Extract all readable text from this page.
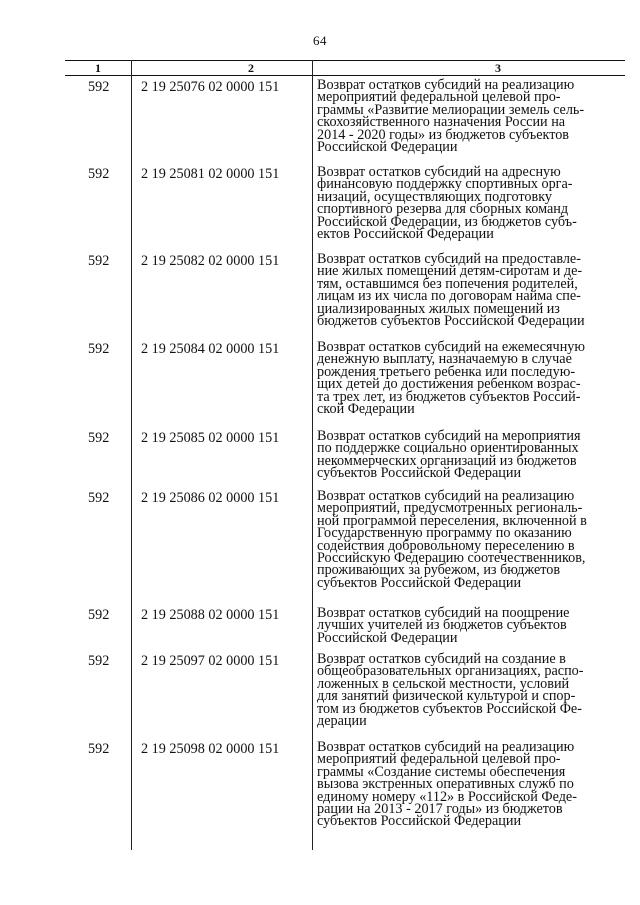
64
1	2	3
592	2 19 25076 02 0000 151	Возврат остатков субсидий на реализацию
мероприятий федеральной целевой про-
граммы «Развитие мелиорации земель сель-
скохозяйственного назначения России на
2014 - 2020 годы» из бюджетов субъектов
Российской Федерации
592	2 19 25081 02 0000 151	Возврат остатков субсидий на адресную
финансовую поддержку спортивных орга-
низаций, осуществляющих подготовку
спортивного резерва для сборных команд
Российской Федерации, из бюджетов субъ-
ектов Российской Федерации
592	2 19 25082 02 0000 151	Возврат остатков субсидий на предоставле-
ние жилых помещений детям-сиротам и де-
тям, оставшимся без попечения родителей,
лицам из их числа по договорам найма спе-
циализированных жилых помещений из
бюджетов субъектов Российской Федерации
592	2 19 25084 02 0000 151	Возврат остатков субсидий на ежемесячную
денежную выплату, назначаемую в случае
рождения третьего ребенка или последую-
щих детей до достижения ребенком возрас-
та трех лет, из бюджетов субъектов Россий-
ской Федерации
592	2 19 25085 02 0000 151	Возврат остатков субсидий на мероприятия
по поддержке социально ориентированных
некоммерческих организаций из бюджетов
субъектов Российской Федерации
592	2 19 25086 02 0000 151	Возврат остатков субсидий на реализацию
мероприятий, предусмотренных региональ-
ной программой переселения, включенной в
Государственную программу по оказанию
содействия добровольному переселению в
Российскую Федерацию соотечественников,
проживающих за рубежом, из бюджетов
субъектов Российской Федерации
592	2 19 25088 02 0000 151	Возврат остатков субсидий на поощрение
лучших учителей из бюджетов субъектов
Российской Федерации
592	2 19 25097 02 0000 151	Возврат остатков субсидий на создание в
общеобразовательных организациях, распо-
ложенных в сельской местности, условий
для занятий физической культурой и спор-
том из бюджетов субъектов Российской Фе-
дерации
592	2 19 25098 02 0000 151	Возврат остатков субсидий на реализацию
мероприятий федеральной целевой про-
граммы «Создание системы обеспечения
вызова экстренных оперативных служб по
единому номеру «112» в Российской Феде-
рации на 2013 - 2017 годы» из бюджетов
субъектов Российской Федерации
